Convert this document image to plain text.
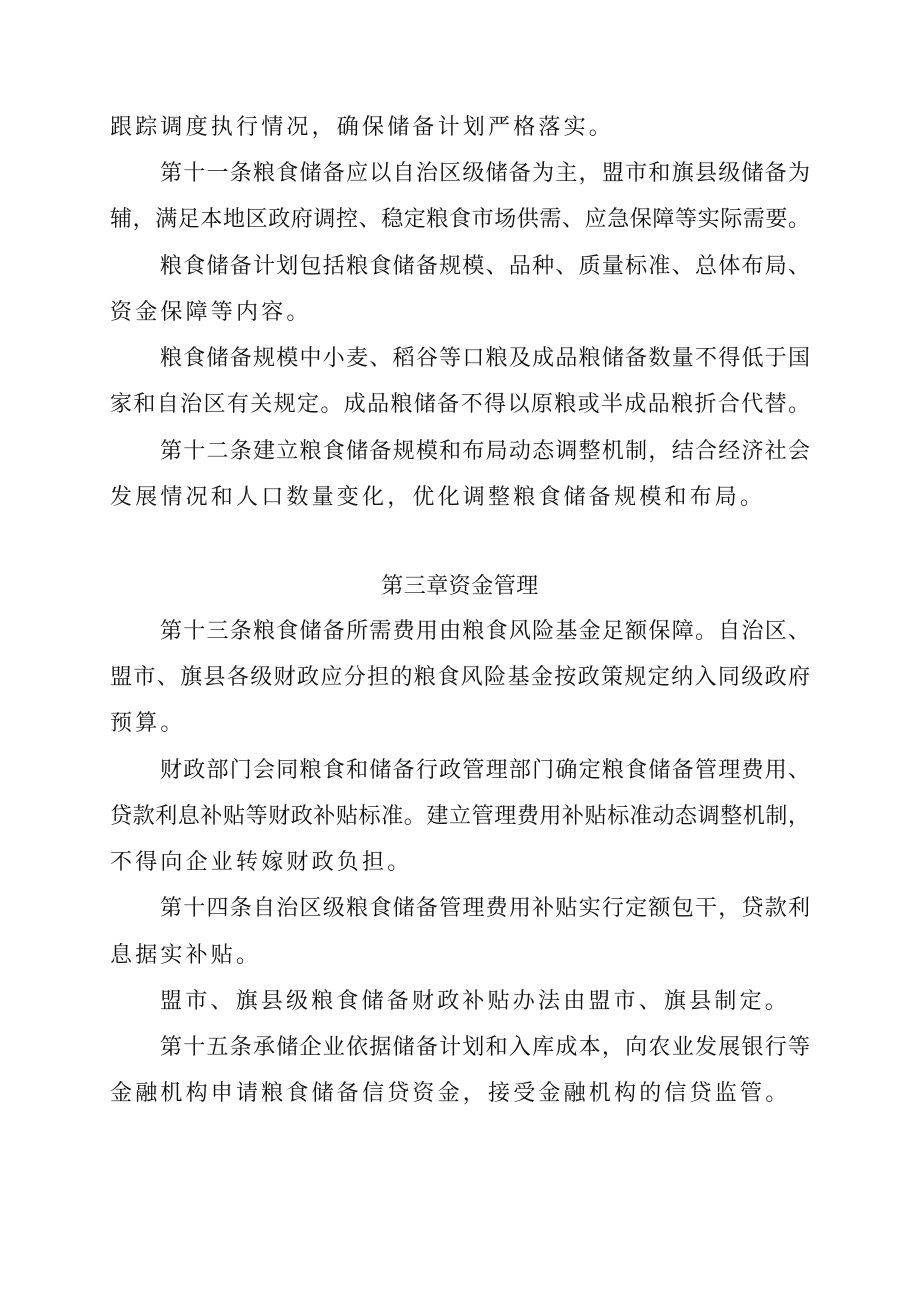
跟踪调度执行情况，确保储备计划严格落实。
第十一条粮食储备应以自治区级储备为主，盟市和旗县级储备为
辅，满足本地区政府调控、稳定粮食市场供需、应急保障等实际需要。
粮食储备计划包括粮食储备规模、品种、质量标准、总体布局、
资金保障等内容。
粮食储备规模中小麦、稻谷等口粮及成品粮储备数量不得低于国
家和自治区有关规定。成品粮储备不得以原粮或半成品粮折合代替。
第十二条建立粮食储备规模和布局动态调整机制，结合经济社会
发展情况和人口数量变化，优化调整粮食储备规模和布局。
第三章资金管理
第十三条粮食储备所需费用由粮食风险基金足额保障。自治区、
盟市、旗县各级财政应分担的粮食风险基金按政策规定纳入同级政府
预算。
财政部门会同粮食和储备行政管理部门确定粮食储备管理费用、
贷款利息补贴等财政补贴标准。建立管理费用补贴标准动态调整机制，
不得向企业转嫁财政负担。
第十四条自治区级粮食储备管理费用补贴实行定额包干，贷款利
息据实补贴。
盟市、旗县级粮食储备财政补贴办法由盟市、旗县制定。
第十五条承储企业依据储备计划和入库成本，向农业发展银行等
金融机构申请粮食储备信贷资金，接受金融机构的信贷监管。
